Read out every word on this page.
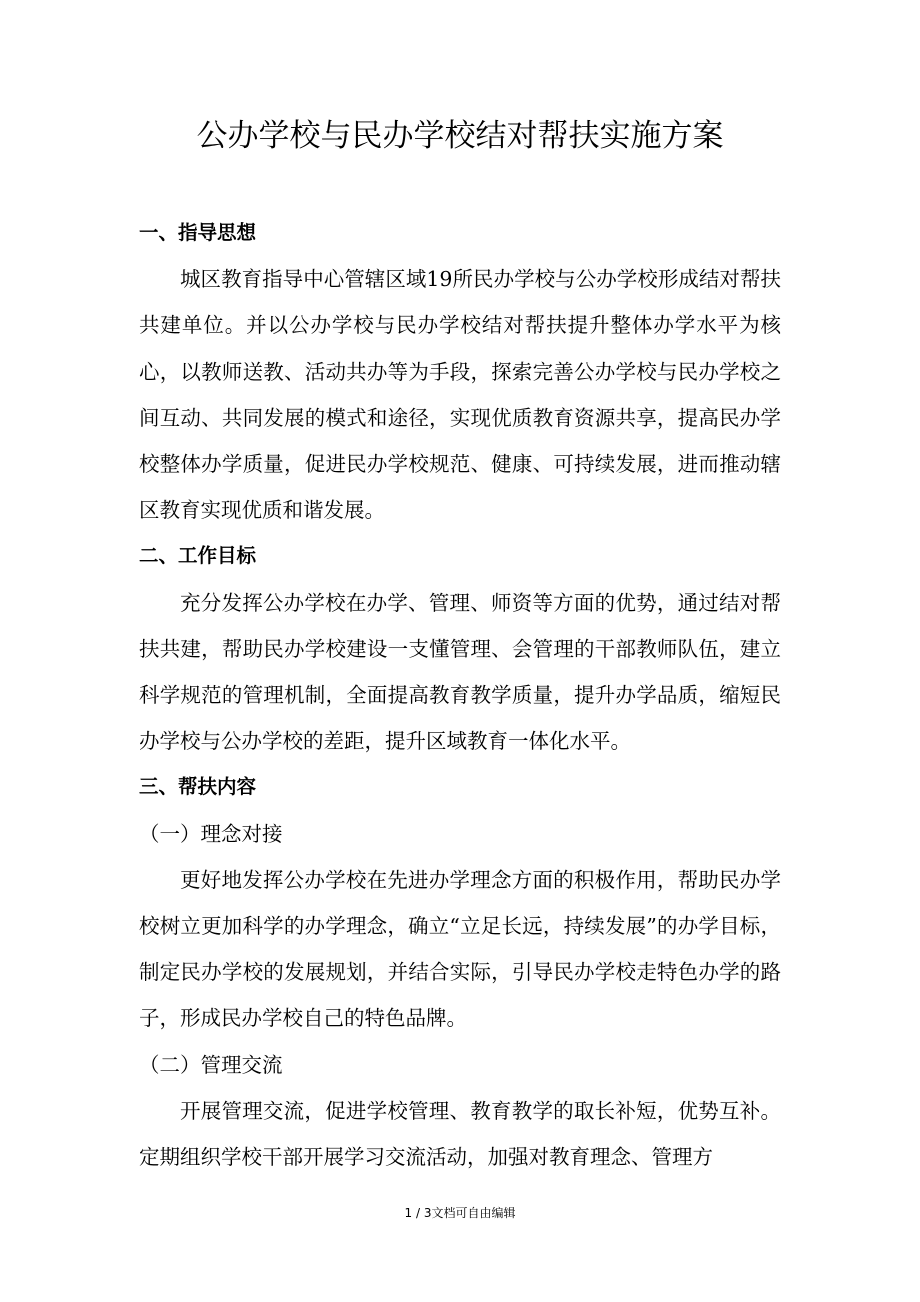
公办学校与民办学校结对帮扶实施方案

一、指导思想

城区教育指导中心管辖区域19所民办学校与公办学校形成结对帮扶共建单位。并以公办学校与民办学校结对帮扶提升整体办学水平为核心，以教师送教、活动共办等为手段，探索完善公办学校与民办学校之间互动、共同发展的模式和途径，实现优质教育资源共享，提高民办学校整体办学质量，促进民办学校规范、健康、可持续发展，进而推动辖区教育实现优质和谐发展。

二、工作目标

充分发挥公办学校在办学、管理、师资等方面的优势，通过结对帮扶共建，帮助民办学校建设一支懂管理、会管理的干部教师队伍，建立科学规范的管理机制，全面提高教育教学质量，提升办学品质，缩短民办学校与公办学校的差距，提升区域教育一体化水平。

三、帮扶内容

（一）理念对接

更好地发挥公办学校在先进办学理念方面的积极作用，帮助民办学校树立更加科学的办学理念，确立“立足长远，持续发展”的办学目标，制定民办学校的发展规划，并结合实际，引导民办学校走特色办学的路子，形成民办学校自己的特色品牌。

（二）管理交流

开展管理交流，促进学校管理、教育教学的取长补短，优势互补。定期组织学校干部开展学习交流活动，加强对教育理念、管理方

1 / 3文档可自由编辑
